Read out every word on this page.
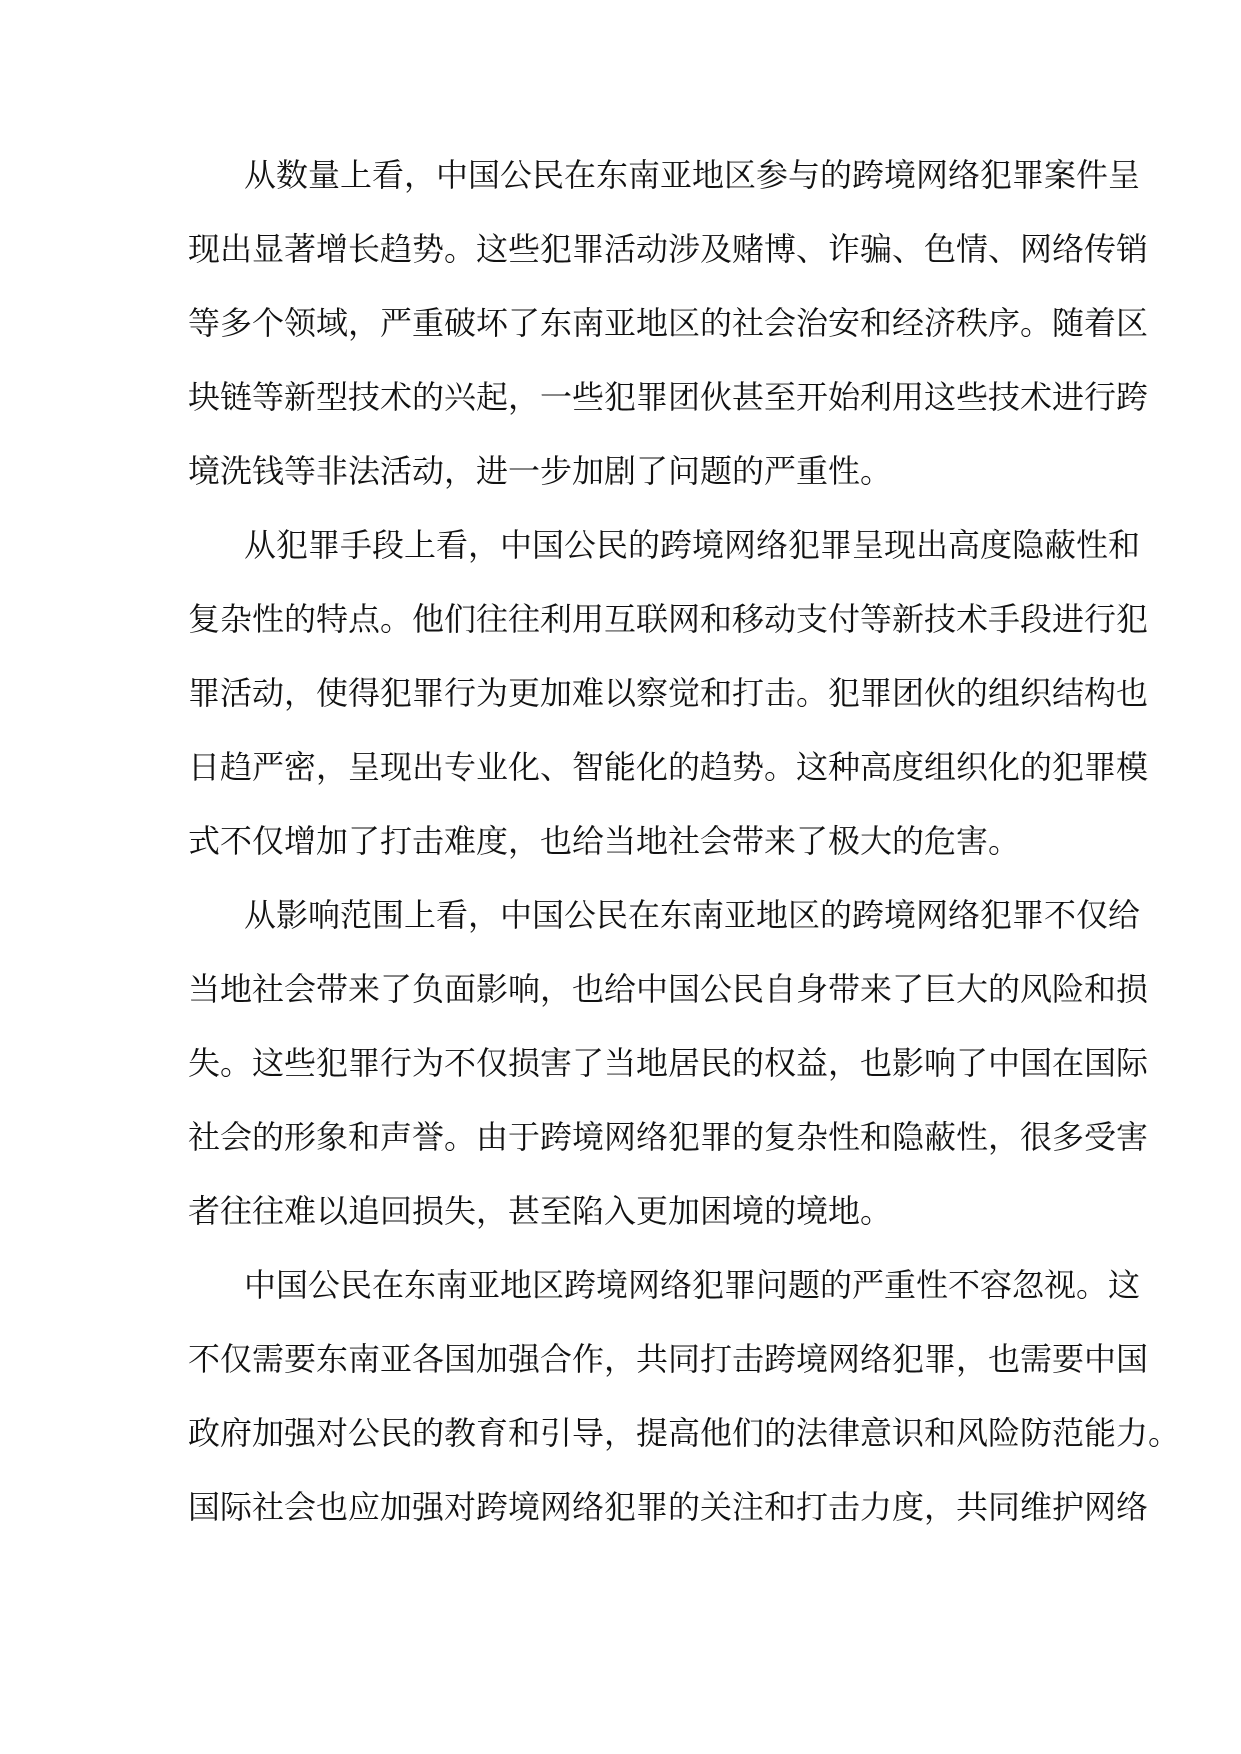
从数量上看，中国公民在东南亚地区参与的跨境网络犯罪案件呈
现出显著增长趋势。这些犯罪活动涉及赌博、诈骗、色情、网络传销
等多个领域，严重破坏了东南亚地区的社会治安和经济秩序。随着区
块链等新型技术的兴起，一些犯罪团伙甚至开始利用这些技术进行跨
境洗钱等非法活动，进一步加剧了问题的严重性。
从犯罪手段上看，中国公民的跨境网络犯罪呈现出高度隐蔽性和
复杂性的特点。他们往往利用互联网和移动支付等新技术手段进行犯
罪活动，使得犯罪行为更加难以察觉和打击。犯罪团伙的组织结构也
日趋严密，呈现出专业化、智能化的趋势。这种高度组织化的犯罪模
式不仅增加了打击难度，也给当地社会带来了极大的危害。
从影响范围上看，中国公民在东南亚地区的跨境网络犯罪不仅给
当地社会带来了负面影响，也给中国公民自身带来了巨大的风险和损
失。这些犯罪行为不仅损害了当地居民的权益，也影响了中国在国际
社会的形象和声誉。由于跨境网络犯罪的复杂性和隐蔽性，很多受害
者往往难以追回损失，甚至陷入更加困境的境地。
中国公民在东南亚地区跨境网络犯罪问题的严重性不容忽视。这
不仅需要东南亚各国加强合作，共同打击跨境网络犯罪，也需要中国
政府加强对公民的教育和引导，提高他们的法律意识和风险防范能力。
国际社会也应加强对跨境网络犯罪的关注和打击力度，共同维护网络
